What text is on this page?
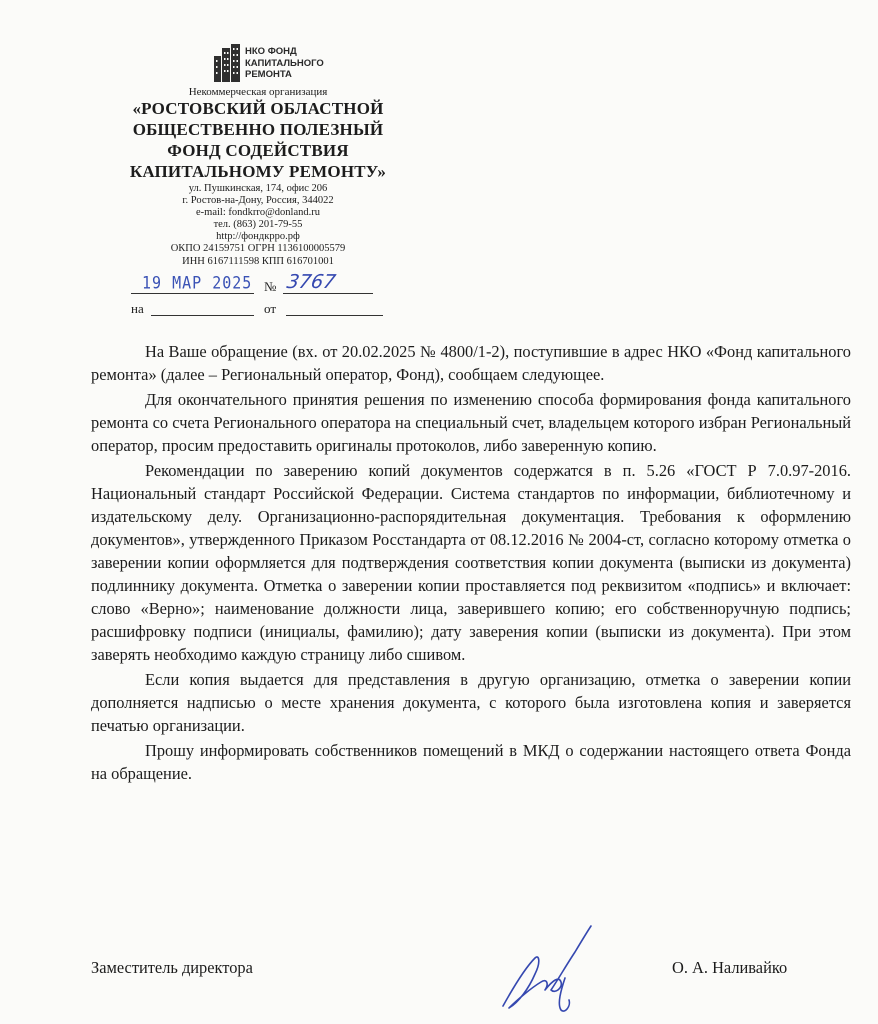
НКО ФОНД
КАПИТАЛЬНОГО
РЕМОНТА
Некоммерческая организация
«РОСТОВСКИЙ ОБЛАСТНОЙ
ОБЩЕСТВЕННО ПОЛЕЗНЫЙ
ФОНД СОДЕЙСТВИЯ
КАПИТАЛЬНОМУ РЕМОНТУ»
ул. Пушкинская, 174, офис 206
г. Ростов-на-Дону, Россия, 344022
e-mail: fondkrro@donland.ru
тел. (863) 201-79-55
http://фондкрро.рф
ОКПО 24159751 ОГРН 1136100005579
ИНН 6167111598 КПП 616701001
19 MAP 2025 № 3767
на	от

На Ваше обращение (вх. от 20.02.2025 № 4800/1-2), поступившие в адрес НКО «Фонд капитального ремонта» (далее – Региональный оператор, Фонд), сообщаем следующее.

Для окончательного принятия решения по изменению способа формирования фонда капитального ремонта со счета Регионального оператора на специальный счет, владельцем которого избран Региональный оператор, просим предоставить оригиналы протоколов, либо заверенную копию.

Рекомендации по заверению копий документов содержатся в п. 5.26 «ГОСТ Р 7.0.97-2016. Национальный стандарт Российской Федерации. Система стандартов по информации, библиотечному и издательскому делу. Организационно-распорядительная документация. Требования к оформлению документов», утвержденного Приказом Росстандарта от 08.12.2016 № 2004-ст, согласно которому отметка о заверении копии оформляется для подтверждения соответствия копии документа (выписки из документа) подлиннику документа. Отметка о заверении копии проставляется под реквизитом «подпись» и включает: слово «Верно»; наименование должности лица, заверившего копию; его собственноручную подпись; расшифровку подписи (инициалы, фамилию); дату заверения копии (выписки из документа). При этом заверять необходимо каждую страницу либо сшивом.

Если копия выдается для представления в другую организацию, отметка о заверении копии дополняется надписью о месте хранения документа, с которого была изготовлена копия и заверяется печатью организации.

Прошу информировать собственников помещений в МКД о содержании настоящего ответа Фонда на обращение.

Заместитель директора	О. А. Наливайко
